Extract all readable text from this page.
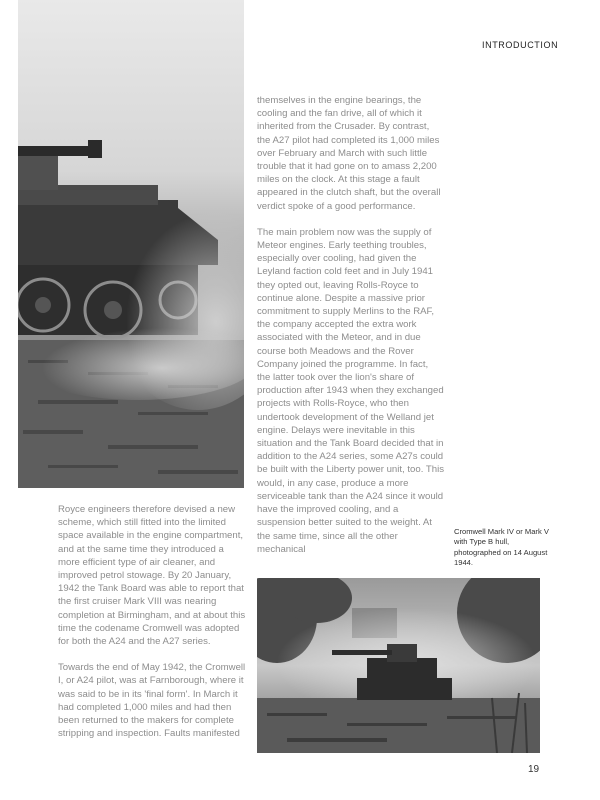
INTRODUCTION

themselves in the engine bearings, the cooling and the fan drive, all of which it inherited from the Crusader. By contrast, the A27 pilot had completed its 1,000 miles over February and March with such little trouble that it had gone on to amass 2,200 miles on the clock. At this stage a fault appeared in the clutch shaft, but the overall verdict spoke of a good performance.

The main problem now was the supply of Meteor engines. Early teething troubles, especially over cooling, had given the Leyland faction cold feet and in July 1941 they opted out, leaving Rolls-Royce to continue alone. Despite a massive prior commitment to supply Merlins to the RAF, the company accepted the extra work associated with the Meteor, and in due course both Meadows and the Rover Company joined the programme. In fact, the latter took over the lion's share of production after 1943 when they exchanged projects with Rolls-Royce, who then undertook development of the Welland jet engine. Delays were inevitable in this situation and the Tank Board decided that in addition to the A24 series, some A27s could be built with the Liberty power unit, too. This would, in any case, produce a more serviceable tank than the A24 since it would have the improved cooling, and a suspension better suited to the weight. At the same time, since all the other mechanical

Royce engineers therefore devised a new scheme, which still fitted into the limited space available in the engine compartment, and at the same time they introduced a more efficient type of air cleaner, and improved petrol stowage. By 20 January, 1942 the Tank Board was able to report that the first cruiser Mark VIII was nearing completion at Birmingham, and at about this time the codename Cromwell was adopted for both the A24 and the A27 series.

Towards the end of May 1942, the Cromwell I, or A24 pilot, was at Farnborough, where it was said to be in its 'final form'. In March it had completed 1,000 miles and had then been returned to the makers for complete stripping and inspection. Faults manifested

Cromwell Mark IV or Mark V with Type B hull, photographed on 14 August 1944.
19
